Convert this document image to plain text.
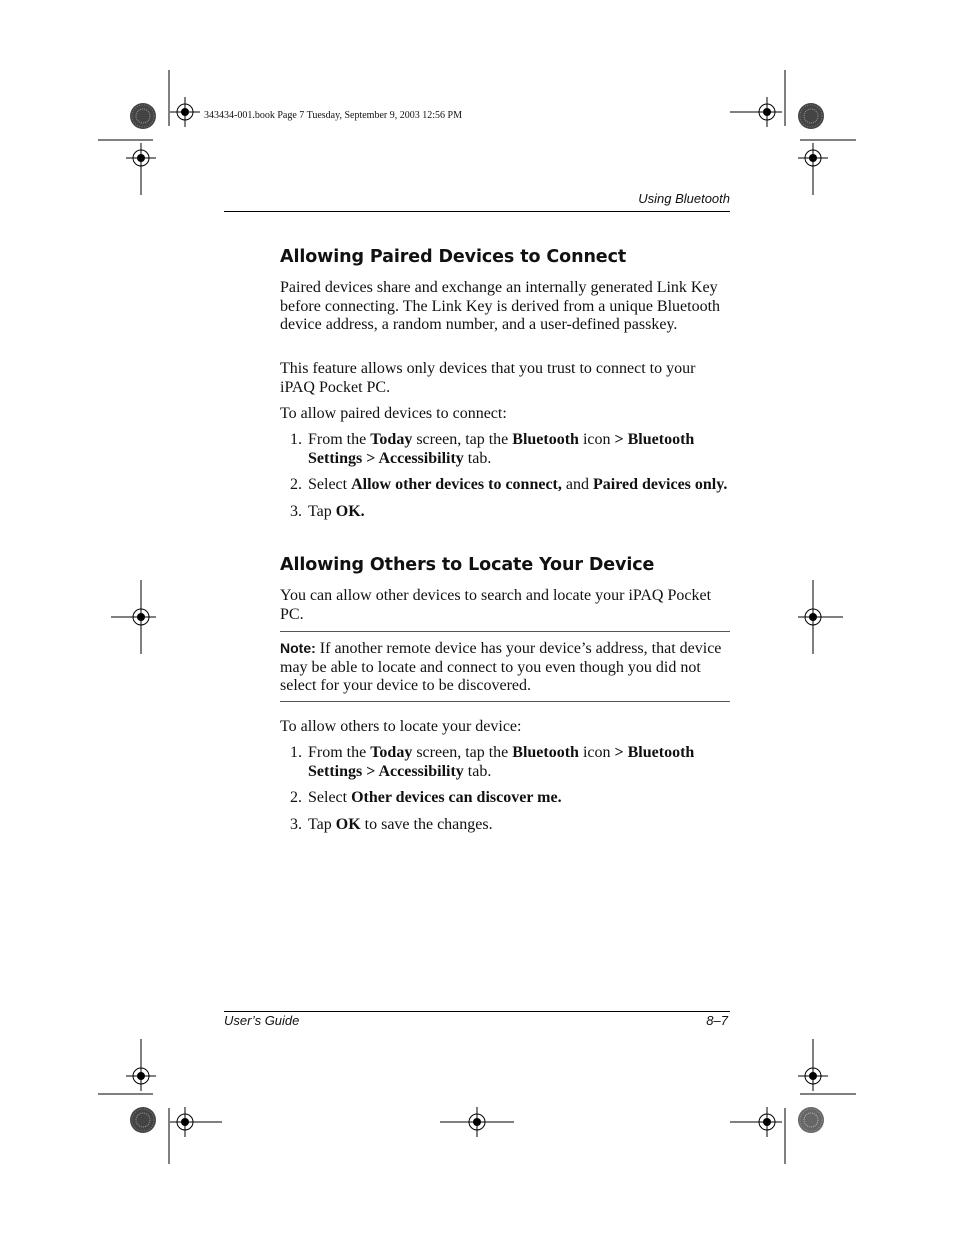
343434-001.book Page 7 Tuesday, September 9, 2003 12:56 PM
Using Bluetooth
Allowing Paired Devices to Connect

Paired devices share and exchange an internally generated Link Key before connecting. The Link Key is derived from a unique Bluetooth device address, a random number, and a user-defined passkey.

This feature allows only devices that you trust to connect to your iPAQ Pocket PC.

To allow paired devices to connect:

1. From the Today screen, tap the Bluetooth icon > Bluetooth Settings > Accessibility tab.
2. Select Allow other devices to connect, and Paired devices only.
3. Tap OK.
Allowing Others to Locate Your Device

You can allow other devices to search and locate your iPAQ Pocket PC.

Note: If another remote device has your device’s address, that device may be able to locate and connect to you even though you did not select for your device to be discovered.

To allow others to locate your device:

1. From the Today screen, tap the Bluetooth icon > Bluetooth Settings > Accessibility tab.
2. Select Other devices can discover me.
3. Tap OK to save the changes.
User’s Guide	8–7
